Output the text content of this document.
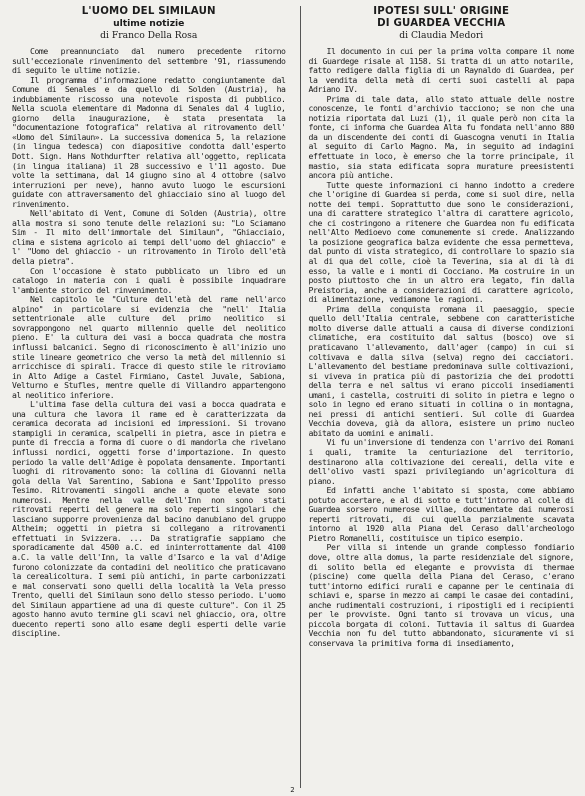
L'UOMO DEL SIMILAUN
ultime notizie
di Franco Della Rosa

Come preannunciato dal numero precedente ritorno sull'eccezionale rinvenimento del settembre '91, riassumendo di seguito le ultime notizie.

Il programma d'informazione redatto congiuntamente dal Comune di Senales e da quello di Solden (Austria), ha indubbiamente riscosso una notevole risposta di pubblico. Nella scuola elementare di Madonna di Senales dal 4 luglio, giorno della inaugurazione, è stata presentata la "documentazione fotografica" relativa al ritrovamento dell' «Uomo del Similaun». La successiva domenica 5, la relazione (in lingua tedesca) con diapositive condotta dall'esperto Dott. Sign. Hans Nothdurfter relativa all'oggetto, replicata (in lingua italiana) il 28 successivo e l'11 agosto. Due volte la settimana, dal 14 giugno sino al 4 ottobre (salvo interruzioni per neve), hanno avuto luogo le escursioni guidate con attraversamento del ghiacciaio sino al luogo del rinvenimento.

Nell'abitato di Vent, Comune di Solden (Austria), oltre alla mostra si sono tenute delle relazioni su: "Lo Sciamano Sim - Il mito dell'immortale del Similaun", "Ghiacciaio, clima e sistema agricolo ai tempi dell'uomo del ghiaccio" e l' "Uomo del ghiaccio - un ritrovamento in Tirolo dell'età della pietra".

Con l'occasione è stato pubblicato un libro ed un catalogo in materia con i quali è possibile inquadrare l'ambiente storico del rinvenimento.

Nel capitolo le "Culture dell'età del rame nell'arco alpino" in particolare si evidenzia che "nell' Italia settentrionale alle culture del primo neolitico si sovrappongono nel quarto millennio quelle del neolitico pieno. E' la cultura dei vasi a bocca quadrata che mostra influssi balcanici. Segno di riconoscimento è all'inizio uno stile lineare geometrico che verso la metà del millennio si arricchisce di spirali. Tracce di questo stile le ritroviamo in Alto Adige a Castel Firmiano, Castel Juvale, Sabiona, Velturno e Stufles, mentre quelle di Villandro appartengono al neolitico inferiore.

L'ultima fase della cultura dei vasi a bocca quadrata e una cultura che lavora il rame ed è caratterizzata da ceramica decorata ad incisioni ed impressioni. Si trovano stampigli in ceramica, scalpelli in pietra, asce in pietra e punte di freccia a forma di cuore o di mandorla che rivelano influssi nordici, oggetti forse d'importazione. In questo periodo la valle dell'Adige è popolata densamente. Importanti luoghi di ritrovamento sono: la collina di Giovanni nella gola della Val Sarentino, Sabiona e Sant'Ippolito presso Tesimo. Ritrovamenti singoli anche a quote elevate sono numerosi. Mentre nella valle dell'Inn non sono stati ritrovati reperti del genere ma solo reperti singolari che lasciano supporre provenienza dal bacino danubiano del gruppo Altheim; oggetti in pietra si collegano a ritrovamenti effettuati in Svizzera. ... Da stratigrafie sappiamo che sporadicamente dal 4500 a.C. ed ininterrottamente dal 4100 a.C. la valle dell'Inn, la valle d'Isarco e la val d'Adige furono colonizzate da contadini del neolitico che praticavano la cerealicoltura. I semi più antichi, in parte carbonizzati e mal conservati sono quelli della località la Vela presso Trento, quelli del Similaun sono dello stesso periodo. L'uomo del Similaun appartiene ad una di queste culture". Con il 25 agosto hanno avuto termine gli scavi nel ghiaccio, ora, oltre duecento reperti sono allo esame degli esperti delle varie discipline.

IPOTESI SULL' ORIGINE
DI GUARDEA VECCHIA
di Claudia Medori

Il documento in cui per la prima volta compare il nome di Guardege risale al 1158. Si tratta di un atto notarile, fatto redigere dalla figlia di un Raynaldo di Guardea, per la vendita della metà di certi suoi castelli al papa Adriano IV.

Prima di tale data, allo stato attuale delle nostre conoscenze, le fonti d'archivio tacciono; se non che una notizia riportata dal Luzi (1), il quale però non cita la fonte, ci informa che Guardea Alta fu fondata nell'anno 880 da un discendente dei conti di Guascogna venuti in Italia al seguito di Carlo Magno. Ma, in seguito ad indagini effettuate in loco, è emerso che la torre principale, il mastio, sia stata edificata sopra murature preesistenti ancora più antiche.

Tutte queste informazioni ci hanno indotto a credere che l'origine di Guardea si perda, come si suol dire, nella notte dei tempi. Soprattutto due sono le considerazioni, una di carattere strategico l'altra di carattere agricolo, che ci costringono a ritenere che Guardea non fu edificata nell'Alto Medioevo come comunemente si crede. Analizzando la posizione geografica balza evidente che essa permetteva, dal punto di vista strategico, di controllare lo spazio sia al di qua del colle, cioè la Teverina, sia al di là di esso, la valle e i monti di Cocciano. Ma costruire in un posto piuttosto che in un altro era legato, fin dalla Preistoria, anche a considerazioni di carattere agricolo, di alimentazione, vediamone le ragioni.

Prima della conquista romana il paesaggio, specie quello dell'Italia centrale, sebbene con caratteristiche molto diverse dalle attuali a causa di diverse condizioni climatiche, era costituito dal saltus (bosco) ove si praticavano l'allevamento, dall'ager (campo) in cui si coltivava e dalla silva (selva) regno dei cacciatori. L'allevamento del bestiame predominava sulle coltivazioni, si viveva in pratica più di pastorizia che dei prodotti della terra e nel saltus vi erano piccoli insediamenti umani, i castella, costruiti di solito in pietra e legno o solo in legno ed erano situati in collina o in montagna, nei pressi di antichi sentieri. Sul colle di Guardea Vecchia doveva, già da allora, esistere un primo nucleo abitato da uomini e animali.

Vi fu un'inversione di tendenza con l'arrivo dei Romani i quali, tramite la centuriazione del territorio, destinarono alla coltivazione dei cereali, della vite e dell'olivo vasti spazi privilegiando un'agricoltura di piano.

Ed infatti anche l'abitato si sposta, come abbiamo potuto accertare, e al di sotto e tutt'intorno al colle di Guardea sorsero numerose villae, documentate dai numerosi reperti ritrovati, di cui quella parzialmente scavata intorno al 1920 alla Piana del Ceraso dall'archeologo Pietro Romanelli, costituisce un tipico esempio.

Per villa si intende un grande complesso fondiario dove, oltre alla domus, la parte residenziale del signore, di solito bella ed elegante e provvista di thermae (piscine) come quella della Piana del Ceraso, c'erano tutt'intorno edifici rurali e capanne per le centinaia di schiavi e, sparse in mezzo ai campi le casae dei contadini, anche rudimentali costruzioni, i ripostigli ed i recipienti per le provviste. Ogni tanto si trovava un vicus, una piccola borgata di coloni. Tuttavia il saltus di Guardea Vecchia non fu del tutto abbandonato, sicuramente vi si conservava la primitiva forma di insediamento,

2
